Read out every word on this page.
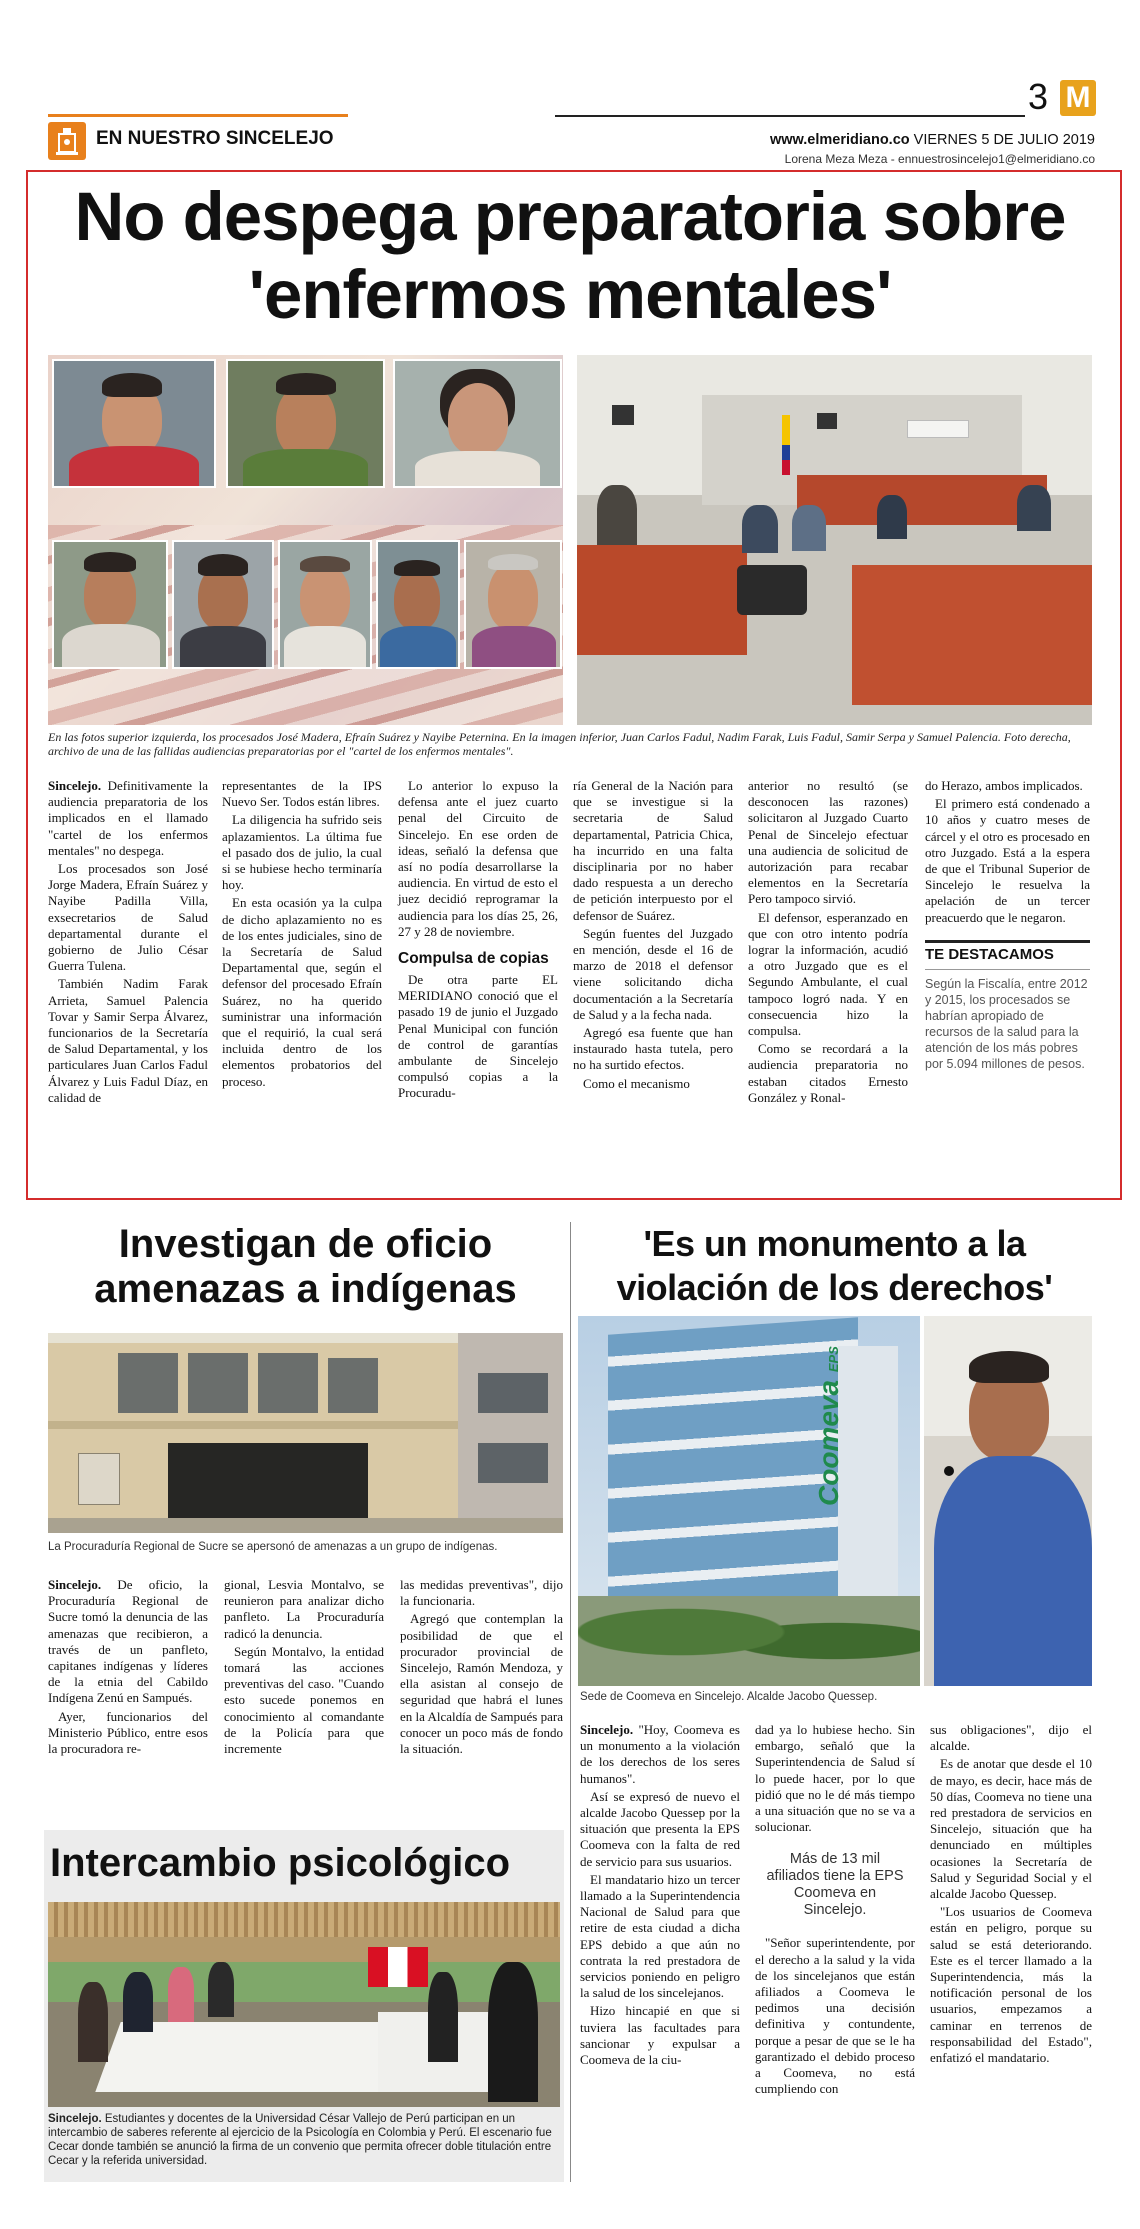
EN NUESTRO SINCELEJO
3 M
www.elmeridiano.co VIERNES 5 DE JULIO 2019
Lorena Meza Meza - ennuestrosincelejo1@elmeridiano.co
No despega preparatoria sobre 'enfermos mentales'
En las fotos superior izquierda, los procesados José Madera, Efraín Suárez y Nayibe Peternina. En la imagen inferior, Juan Carlos Fadul, Nadim Farak, Luis Fadul, Samir Serpa y Samuel Palencia. Foto derecha, archivo de una de las fallidas audiencias preparatorias por el "cartel de los enfermos mentales".

Sincelejo. Definitivamente la audiencia preparatoria de los implicados en el llamado "cartel de los enfermos mentales" no despega.

Los procesados son José Jorge Madera, Efraín Suárez y Nayibe Padilla Villa, exsecretarios de Salud departamental durante el gobierno de Julio César Guerra Tulena.

También Nadim Farak Arrieta, Samuel Palencia Tovar y Samir Serpa Álvarez, funcionarios de la Secretaría de Salud Departamental, y los particulares Juan Carlos Fadul Álvarez y Luis Fadul Díaz, en calidad de

representantes de la IPS Nuevo Ser. Todos están libres.

La diligencia ha sufrido seis aplazamientos. La última fue el pasado dos de julio, la cual si se hubiese hecho terminaría hoy.

En esta ocasión ya la culpa de dicho aplazamiento no es de los entes judiciales, sino de la Secretaría de Salud Departamental que, según el defensor del procesado Efraín Suárez, no ha querido suministrar una información que el requirió, la cual será incluida dentro de los elementos probatorios del proceso.

Lo anterior lo expuso la defensa ante el juez cuarto penal del Circuito de Sincelejo. En ese orden de ideas, señaló la defensa que así no podía desarrollarse la audiencia. En virtud de esto el juez decidió reprogramar la audiencia para los días 25, 26, 27 y 28 de noviembre.

Compulsa de copias

De otra parte EL MERIDIANO conoció que el pasado 19 de junio el Juzgado Penal Municipal con función de control de garantías ambulante de Sincelejo compulsó copias a la Procuradu-

ría General de la Nación para que se investigue si la secretaria de Salud departamental, Patricia Chica, ha incurrido en una falta disciplinaria por no haber dado respuesta a un derecho de petición interpuesto por el defensor de Suárez.

Según fuentes del Juzgado en mención, desde el 16 de marzo de 2018 el defensor viene solicitando dicha documentación a la Secretaría de Salud y a la fecha nada.

Agregó esa fuente que han instaurado hasta tutela, pero no ha surtido efectos.

Como el mecanismo

anterior no resultó (se desconocen las razones) solicitaron al Juzgado Cuarto Penal de Sincelejo efectuar una audiencia de solicitud de autorización para recabar elementos en la Secretaría Pero tampoco sirvió.

El defensor, esperanzado en que con otro intento podría lograr la información, acudió a otro Juzgado que es el Segundo Ambulante, el cual tampoco logró nada. Y en consecuencia hizo la compulsa.

Como se recordará a la audiencia preparatoria no estaban citados Ernesto González y Ronal-

do Herazo, ambos implicados.

El primero está condenado a 10 años y cuatro meses de cárcel y el otro es procesado en otro Juzgado. Está a la espera de que el Tribunal Superior de Sincelejo le resuelva la apelación de un tercer preacuerdo que le negaron.

TE DESTACAMOS
Según la Fiscalía, entre 2012 y 2015, los procesados se habrían apropiado de recursos de la salud para la atención de los más pobres por 5.094 millones de pesos.
Investigan de oficio amenazas a indígenas
La Procuraduría Regional de Sucre se apersonó de amenazas a un grupo de indígenas.

Sincelejo. De oficio, la Procuraduría Regional de Sucre tomó la denuncia de las amenazas que recibieron, a través de un panfleto, capitanes indígenas y líderes de la etnia del Cabildo Indígena Zenú en Sampués.

Ayer, funcionarios del Ministerio Público, entre esos la procuradora re-

gional, Lesvia Montalvo, se reunieron para analizar dicho panfleto. La Procuraduría radicó la denuncia.

Según Montalvo, la entidad tomará las acciones preventivas del caso. "Cuando esto sucede ponemos en conocimiento al comandante de la Policía para que incremente

las medidas preventivas", dijo la funcionaria.

Agregó que contemplan la posibilidad de que el procurador provincial de Sincelejo, Ramón Mendoza, y ella asistan al consejo de seguridad que habrá el lunes en la Alcaldía de Sampués para conocer un poco más de fondo la situación.

Intercambio psicológico
Sincelejo. Estudiantes y docentes de la Universidad César Vallejo de Perú participan en un intercambio de saberes referente al ejercicio de la Psicología en Colombia y Perú. El escenario fue Cecar donde también se anunció la firma de un convenio que permita ofrecer doble titulación entre Cecar y la referida universidad.
'Es un monumento a la violación de los derechos'
Coomeva EPS
Sede de Coomeva en Sincelejo. Alcalde Jacobo Quessep.

Sincelejo. "Hoy, Coomeva es un monumento a la violación de los derechos de los seres humanos".

Así se expresó de nuevo el alcalde Jacobo Quessep por la situación que presenta la EPS Coomeva con la falta de red de servicio para sus usuarios.

El mandatario hizo un tercer llamado a la Superintendencia Nacional de Salud para que retire de esta ciudad a dicha EPS debido a que aún no contrata la red prestadora de servicios poniendo en peligro la salud de los sincelejanos.

Hizo hincapié en que si tuviera las facultades para sancionar y expulsar a Coomeva de la ciu-

dad ya lo hubiese hecho. Sin embargo, señaló que la Superintendencia de Salud sí lo puede hacer, por lo que pidió que no le dé más tiempo a una situación que no se va a solucionar.

Más de 13 mil afiliados tiene la EPS Coomeva en Sincelejo.

"Señor superintendente, por el derecho a la salud y la vida de los sincelejanos que están afiliados a Coomeva le pedimos una decisión definitiva y contundente, porque a pesar de que se le ha garantizado el debido proceso a Coomeva, no está cumpliendo con

sus obligaciones", dijo el alcalde.

Es de anotar que desde el 10 de mayo, es decir, hace más de 50 días, Coomeva no tiene una red prestadora de servicios en Sincelejo, situación que ha denunciado en múltiples ocasiones la Secretaría de Salud y Seguridad Social y el alcalde Jacobo Quessep.

"Los usuarios de Coomeva están en peligro, porque su salud se está deteriorando. Este es el tercer llamado a la Superintendencia, más la notificación personal de los usuarios, empezamos a caminar en terrenos de responsabilidad del Estado", enfatizó el mandatario.
